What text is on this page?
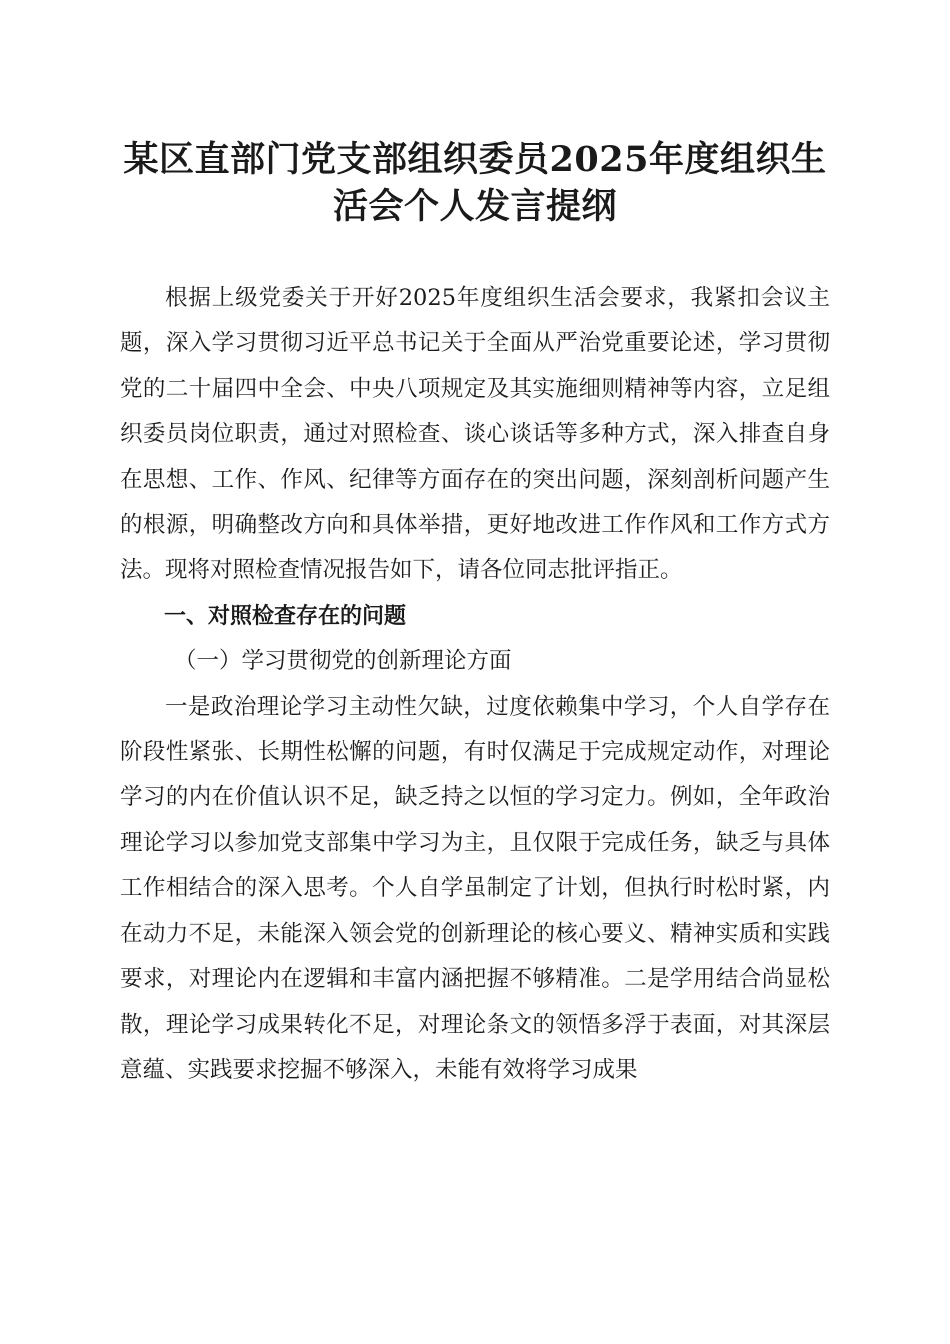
某区直部门党支部组织委员2025年度组织生活会个人发言提纲

根据上级党委关于开好2025年度组织生活会要求，我紧扣会议主题，深入学习贯彻习近平总书记关于全面从严治党重要论述，学习贯彻党的二十届四中全会、中央八项规定及其实施细则精神等内容，立足组织委员岗位职责，通过对照检查、谈心谈话等多种方式，深入排查自身在思想、工作、作风、纪律等方面存在的突出问题，深刻剖析问题产生的根源，明确整改方向和具体举措，更好地改进工作作风和工作方式方法。现将对照检查情况报告如下，请各位同志批评指正。

一、对照检查存在的问题

（一）学习贯彻党的创新理论方面

一是政治理论学习主动性欠缺，过度依赖集中学习，个人自学存在阶段性紧张、长期性松懈的问题，有时仅满足于完成规定动作，对理论学习的内在价值认识不足，缺乏持之以恒的学习定力。例如，全年政治理论学习以参加党支部集中学习为主，且仅限于完成任务，缺乏与具体工作相结合的深入思考。个人自学虽制定了计划，但执行时松时紧，内在动力不足，未能深入领会党的创新理论的核心要义、精神实质和实践要求，对理论内在逻辑和丰富内涵把握不够精准。二是学用结合尚显松散，理论学习成果转化不足，对理论条文的领悟多浮于表面，对其深层意蕴、实践要求挖掘不够深入，未能有效将学习成果
